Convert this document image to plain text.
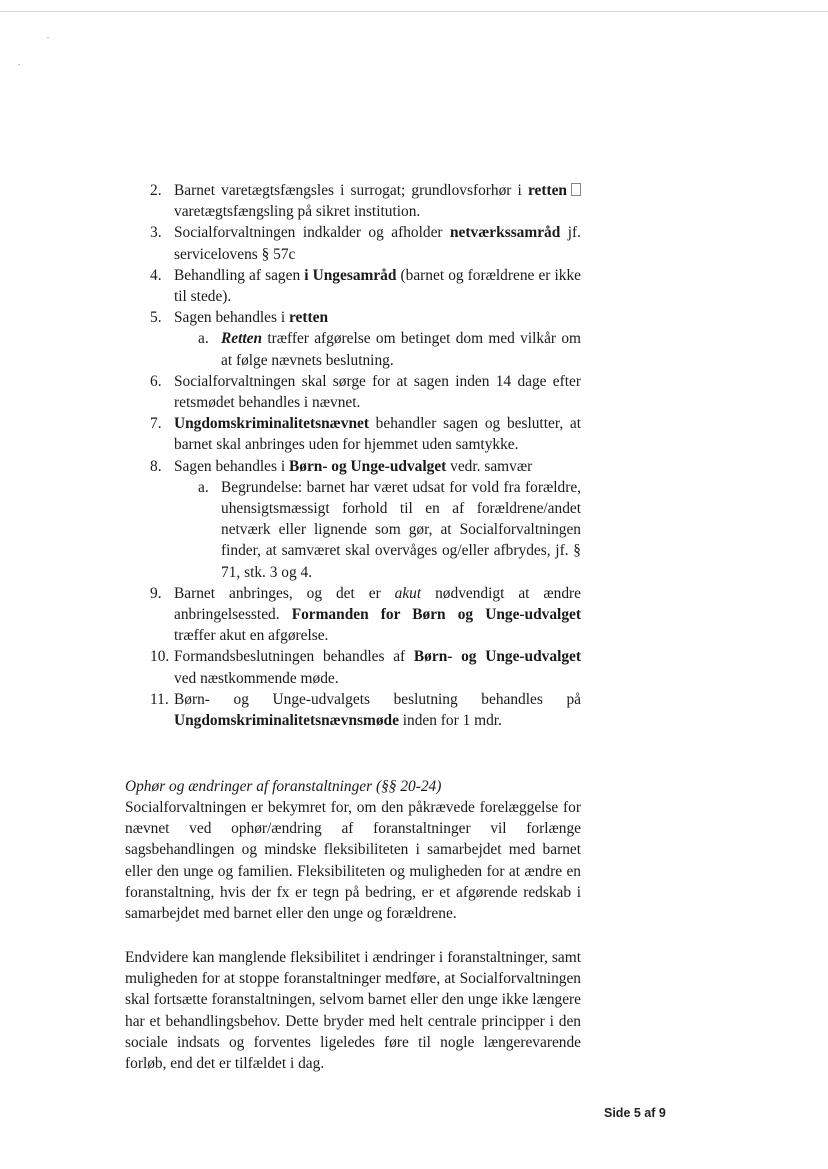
2. Barnet varetægtsfængsles i surrogat; grundlovsforhør i retten varetægtsfængsling på sikret institution.
3. Socialforvaltningen indkalder og afholder netværkssamråd jf. servicelovens § 57c
4. Behandling af sagen i Ungesamråd (barnet og forældrene er ikke til stede).
5. Sagen behandles i retten
a. Retten træffer afgørelse om betinget dom med vilkår om at følge nævnets beslutning.
6. Socialforvaltningen skal sørge for at sagen inden 14 dage efter retsmødet behandles i nævnet.
7. Ungdomskriminalitetsnævnet behandler sagen og beslutter, at barnet skal anbringes uden for hjemmet uden samtykke.
8. Sagen behandles i Børn- og Unge-udvalget vedr. samvær
a. Begrundelse: barnet har været udsat for vold fra forældre, uhensigtsmæssigt forhold til en af forældrene/andet netværk eller lignende som gør, at Socialforvaltningen finder, at samværet skal overvåges og/eller afbrydes, jf. § 71, stk. 3 og 4.
9. Barnet anbringes, og det er akut nødvendigt at ændre anbringelsessted. Formanden for Børn og Unge-udvalget træffer akut en afgørelse.
10. Formandsbeslutningen behandles af Børn- og Unge-udvalget ved næstkommende møde.
11. Børn- og Unge-udvalgets beslutning behandles på Ungdomskriminalitetsnævnsmøde inden for 1 mdr.
Ophør og ændringer af foranstaltninger (§§ 20-24)

Socialforvaltningen er bekymret for, om den påkrævede forelæggelse for nævnet ved ophør/ændring af foranstaltninger vil forlænge sagsbehandlingen og mindske fleksibiliteten i samarbejdet med barnet eller den unge og familien. Fleksibiliteten og muligheden for at ændre en foranstaltning, hvis der fx er tegn på bedring, er et afgørende redskab i samarbejdet med barnet eller den unge og forældrene.

Endvidere kan manglende fleksibilitet i ændringer i foranstaltninger, samt muligheden for at stoppe foranstaltninger medføre, at Socialforvaltningen skal fortsætte foranstaltningen, selvom barnet eller den unge ikke længere har et behandlingsbehov. Dette bryder med helt centrale principper i den sociale indsats og forventes ligeledes føre til nogle længerevarende forløb, end det er tilfældet i dag.

Side 5 af 9
